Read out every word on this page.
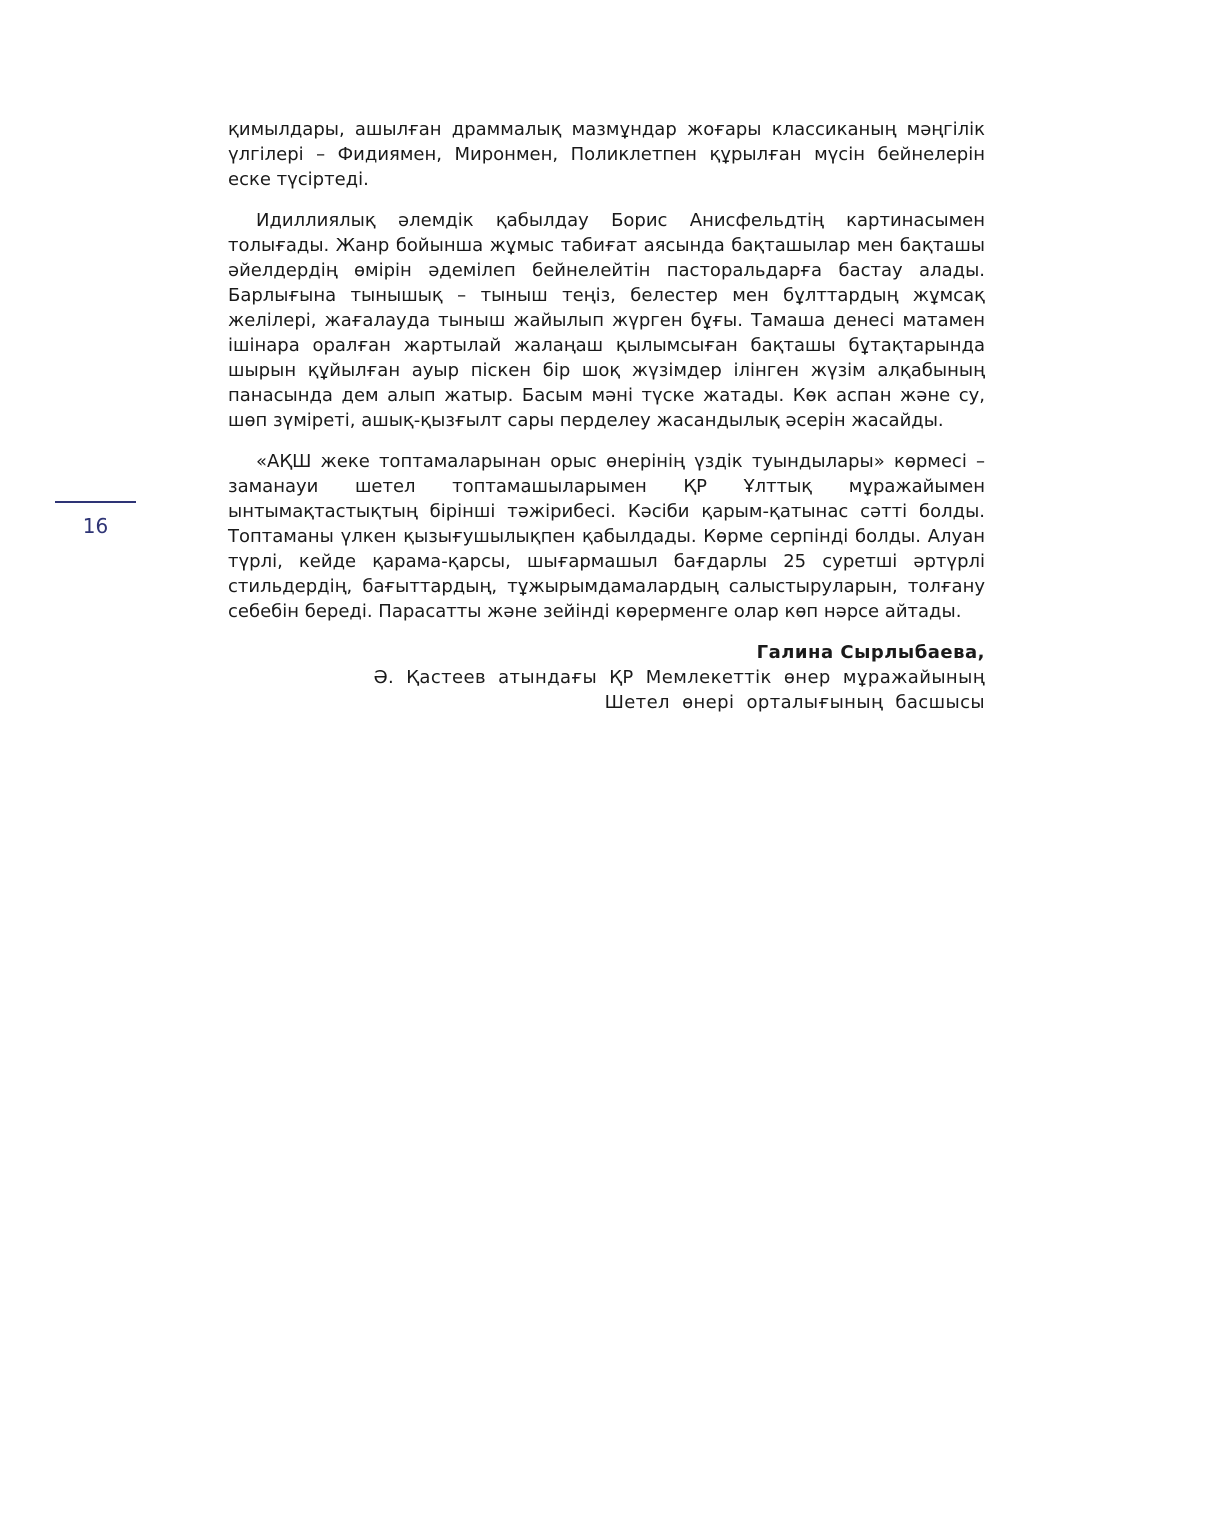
16

қимылдары, ашылған драммалық мазмұндар жоғары классиканың мәңгілік үлгілері – Фидиямен, Миронмен, Поликлетпен құрылған мүсін бейнелерін еске түсіртеді.

Идиллиялық әлемдік қабылдау Борис Анисфельдтің картинасымен толығады. Жанр бойынша жұмыс табиғат аясында бақташылар мен бақташы әйелдердің өмірін әдемілеп бейнелейтін пасторальдарға бастау алады. Барлығына тынышық – тыныш теңіз, белестер мен бұлттардың жұмсақ желілері, жағалауда тыныш жайылып жүрген бұғы. Тамаша денесі матамен ішінара оралған жартылай жалаңаш қылымсыған бақташы бұтақтарында шырын құйылған ауыр піскен бір шоқ жүзімдер ілінген жүзім алқабының панасында дем алып жатыр. Басым мәні түске жатады. Көк аспан және су, шөп зүміреті, ашық-қызғылт сары перделеу жасандылық әсерін жасайды.

«АҚШ жеке топтамаларынан орыс өнерінің үздік туындылары» көрмесі – заманауи шетел топтамашыларымен ҚР Ұлттық мұражайымен ынтымақтастықтың бірінші тәжірибесі. Кәсіби қарым-қатынас сәтті болды. Топтаманы үлкен қызығушылықпен қабылдады. Көрме серпінді болды. Алуан түрлі, кейде қарама-қарсы, шығармашыл бағдарлы 25 суретші әртүрлі стильдердің, бағыттардың, тұжырымдамалардың салыстыруларын, толғану себебін береді. Парасатты және зейінді көрерменге олар көп нәрсе айтады.

Галина Сырлыбаева,
Ә. Қастеев атындағы ҚР Мемлекеттік өнер мұражайының
Шетел өнері орталығының басшысы
